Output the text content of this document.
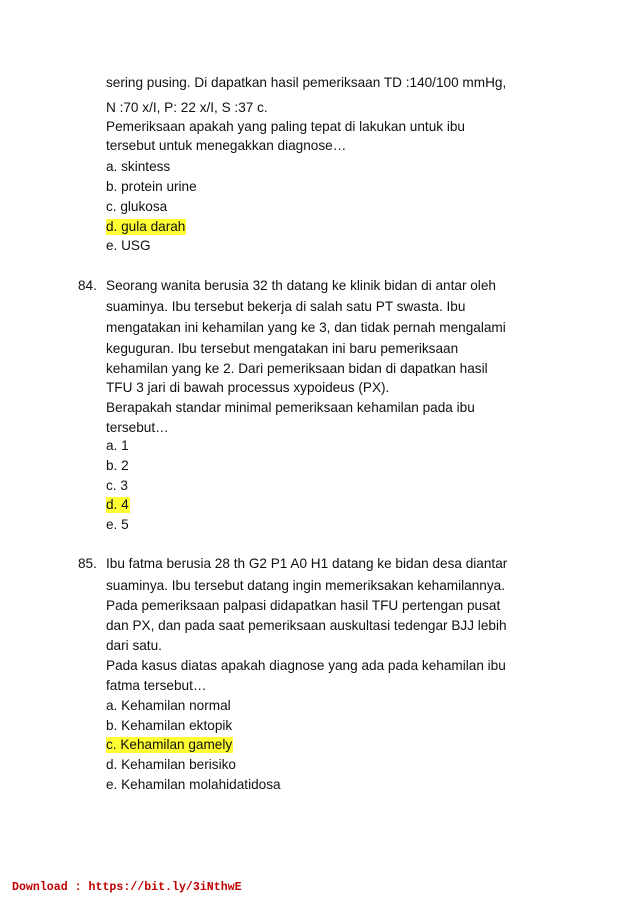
sering pusing. Di dapatkan hasil pemeriksaan TD :140/100 mmHg,
N :70 x/I, P: 22 x/I, S :37 c.
Pemeriksaan apakah yang paling tepat di lakukan untuk ibu
tersebut untuk menegakkan diagnose…
a. skintess
b. protein urine
c. glukosa
d. gula darah
e. USG
84. Seorang wanita berusia 32 th datang ke klinik bidan di antar oleh
suaminya. Ibu tersebut bekerja di salah satu PT swasta. Ibu
mengatakan ini kehamilan yang ke 3, dan tidak pernah mengalami
keguguran. Ibu tersebut mengatakan ini baru pemeriksaan
kehamilan yang ke 2. Dari pemeriksaan bidan di dapatkan hasil
TFU 3 jari di bawah processus xypoideus (PX).
Berapakah standar minimal pemeriksaan kehamilan pada ibu
tersebut…
a. 1
b. 2
c. 3
d. 4
e. 5
85. Ibu fatma berusia 28 th G2 P1 A0 H1 datang ke bidan desa diantar
suaminya. Ibu tersebut datang ingin memeriksakan kehamilannya.
Pada pemeriksaan palpasi didapatkan hasil TFU pertengan pusat
dan PX, dan pada saat pemeriksaan auskultasi tedengar BJJ lebih
dari satu.
Pada kasus diatas apakah diagnose yang ada pada kehamilan ibu
fatma tersebut…
a. Kehamilan normal
b. Kehamilan ektopik
c. Kehamilan gamely
d. Kehamilan berisiko
e. Kehamilan molahidatidosa
Download : https://bit.ly/3iNthwE
